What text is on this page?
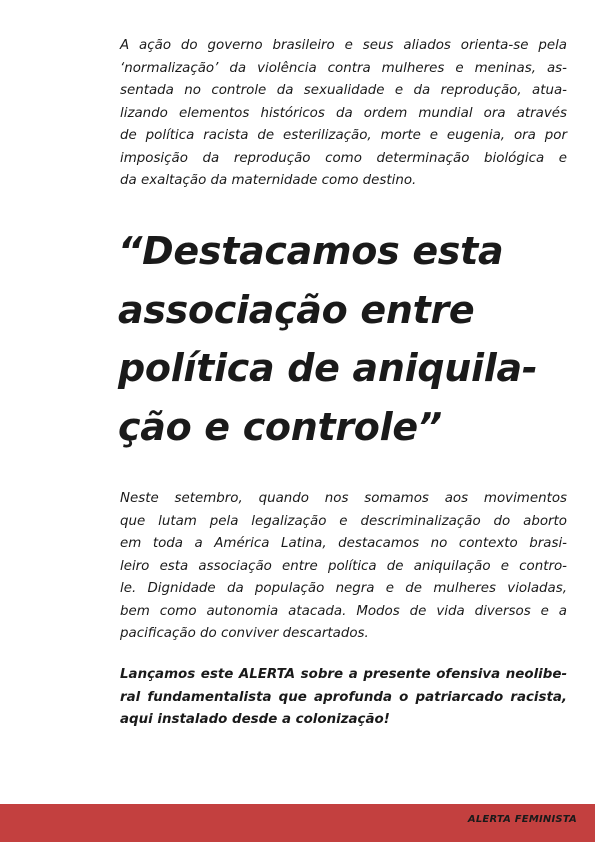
A ação do governo brasileiro e seus aliados orienta-se pela
‘normalização’ da violência contra mulheres e meninas, as-
sentada no controle da sexualidade e da reprodução, atua-
lizando elementos históricos da ordem mundial ora através
de política racista de esterilização, morte e eugenia, ora por
imposição da reprodução como determinação biológica e
da exaltação da maternidade como destino.

“Destacamos esta
associação entre
política de aniquila-
ção e controle”

Neste setembro, quando nos somamos aos movimentos
que lutam pela legalização e descriminalização do aborto
em toda a América Latina, destacamos no contexto brasi-
leiro esta associação entre política de aniquilação e contro-
le. Dignidade da população negra e de mulheres violadas,
bem como autonomia atacada. Modos de vida diversos e a
pacificação do conviver descartados.

Lançamos este ALERTA sobre a presente ofensiva neolibe-
ral fundamentalista que aprofunda o patriarcado racista,
aqui instalado desde a colonização!

ALERTA FEMINISTA
